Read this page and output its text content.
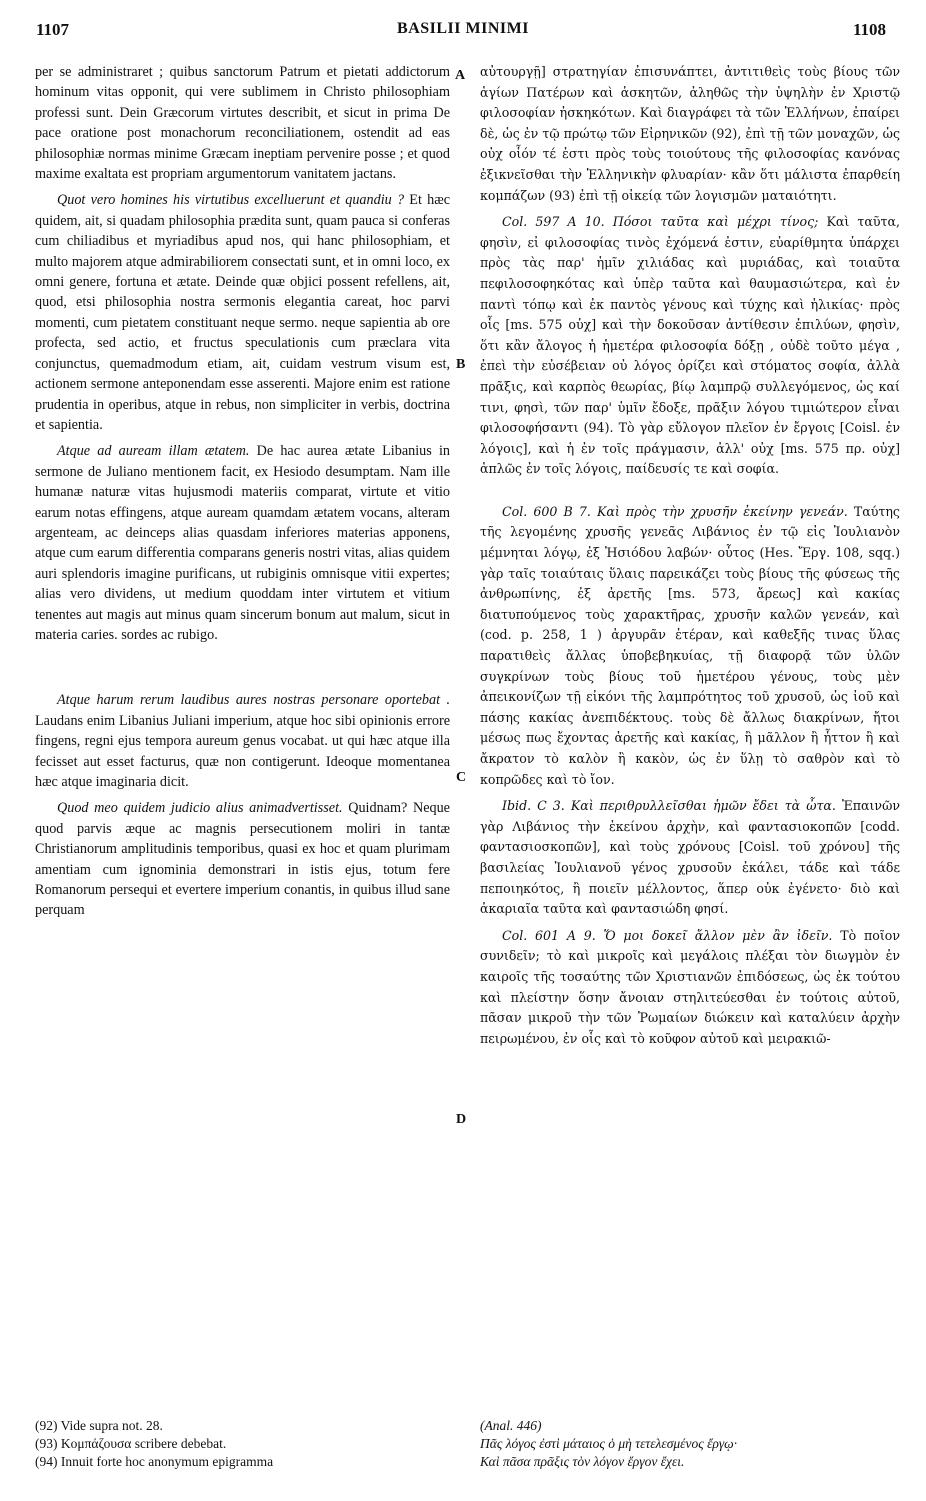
1107	BASILII MINIMI	1108
A
B
C
D

per se administraret ; quibus sanctorum Patrum et pietati addictorum hominum vitas opponit, qui vere sublimem in Christo philosophiam professi sunt. Dein Græcorum virtutes describit, et sicut in prima De pace oratione post monachorum reconciliationem, ostendit ad eas philosophiæ normas minime Græcam ineptiam pervenire posse ; et quod maxime exaltata est propriam argumentorum vanitatem jactans.

Quot vero homines his virtutibus excelluerunt et quandiu ? Et hæc quidem, ait, si quadam philosophia prædita sunt, quam pauca si conferas cum chiliadibus et myriadibus apud nos, qui hanc philosophiam, et multo majorem atque admirabiliorem consectati sunt, et in omni loco, ex omni genere, fortuna et ætate. Deinde quæ objici possent refellens, ait, quod, etsi philosophia nostra sermonis elegantia careat, hoc parvi momenti, cum pietatem constituant neque sermo. neque sapientia ab ore profecta, sed actio, et fructus speculationis cum præclara vita conjunctus, quemadmodum etiam, ait, cuidam vestrum visum est, actionem sermone anteponendam esse asserenti. Majore enim est ratione prudentia in operibus, atque in rebus, non simpliciter in verbis, doctrina et sapientia.

Atque ad auream illam ætatem. De hac aurea ætate Libanius in sermone de Juliano mentionem facit, ex Hesiodo desumptam. Nam ille humanæ naturæ vitas hujusmodi materiis comparat, virtute et vitio earum notas effingens, atque auream quamdam ætatem vocans, alteram argenteam, ac deinceps alias quasdam inferiores materias apponens, atque cum earum differentia comparans generis nostri vitas, alias quidem auri splendoris imagine purificans, ut rubiginis omnisque vitii expertes; alias vero dividens, ut medium quoddam inter virtutem et vitium tenentes aut magis aut minus quam sincerum bonum aut malum, sicut in materia caries. sordes ac rubigo.

Atque harum rerum laudibus aures nostras personare oportebat . Laudans enim Libanius Juliani imperium, atque hoc sibi opinionis errore fingens, regni ejus tempora aureum genus vocabat. ut qui hæc atque illa fecisset aut esset facturus, quæ non contigerunt. Ideoque momentanea hæc atque imaginaria dicit.

Quod meo quidem judicio alius animadvertisset. Quidnam? Neque quod parvis æque ac magnis persecutionem moliri in tantæ Christianorum amplitudinis temporibus, quasi ex hoc et quam plurimam amentiam cum ignominia demonstrari in istis ejus, totum fere Romanorum persequi et evertere imperium conantis, in quibus illud sane perquam

αὐτουργῇ] στρατηγίαν ἐπισυνάπτει, ἀντιτιθεὶς τοὺς βίους τῶν ἁγίων Πατέρων καὶ ἀσκητῶν, ἀληθῶς τὴν ὑψηλὴν ἐν Χριστῷ φιλοσοφίαν ἠσκηκότων. Καὶ διαγράφει τὰ τῶν Ἑλλήνων, ἐπαίρει δὲ, ὡς ἐν τῷ πρώτῳ τῶν Εἰρηνικῶν (92), ἐπὶ τῇ τῶν μοναχῶν, ὡς οὐχ οἷόν τέ ἐστι πρὸς τοὺς τοιούτους τῆς φιλοσοφίας κανόνας ἐξικνεῖσθαι τὴν Ἑλληνικὴν φλυαρίαν· κἂν ὅτι μάλιστα ἐπαρθείη κομπάζων (93) ἐπὶ τῇ οἰκείᾳ τῶν λογισμῶν ματαιότητι.

Col. 597 A 10. Πόσοι ταῦτα καὶ μέχρι τίνος; Καὶ ταῦτα, φησὶν, εἰ φιλοσοφίας τινὸς ἐχόμενά ἐστιν, εὐαρίθμητα ὑπάρχει πρὸς τὰς παρ' ἡμῖν χιλιάδας καὶ μυριάδας, καὶ τοιαῦτα πεφιλοσοφηκότας καὶ ὑπὲρ ταῦτα καὶ θαυμασιώτερα, καὶ ἐν παντὶ τόπῳ καὶ ἐκ παντὸς γένους καὶ τύχης καὶ ἡλικίας· πρὸς οἷς [ms. 575 οὐχ] καὶ τὴν δοκοῦσαν ἀντίθεσιν ἐπιλύων, φησὶν, ὅτι κἂν ἄλογος ἡ ἡμετέρα φιλοσοφία δόξῃ , οὐδὲ τοῦτο μέγα , ἐπεὶ τὴν εὐσέβειαν οὐ λόγος ὁρίζει καὶ στόματος σοφία, ἀλλὰ πρᾶξις, καὶ καρπὸς θεωρίας, βίῳ λαμπρῷ συλλεγόμενος, ὡς καί τινι, φησὶ, τῶν παρ' ὑμῖν ἔδοξε, πρᾶξιν λόγου τιμιώτερον εἶναι φιλοσοφήσαντι (94). Τὸ γὰρ εὔλογον πλεῖον ἐν ἔργοις [Coisl. ἐν λόγοις], καὶ ἡ ἐν τοῖς πράγμασιν, ἀλλ' οὐχ [ms. 575 πρ. οὐχ] ἁπλῶς ἐν τοῖς λόγοις, παίδευσίς τε καὶ σοφία.

Col. 600 B 7. Καὶ πρὸς τὴν χρυσῆν ἐκείνην γενεάν. Ταύτης τῆς λεγομένης χρυσῆς γενεᾶς Λιβάνιος ἐν τῷ εἰς Ἰουλιανὸν μέμνηται λόγῳ, ἐξ Ἡσιόδου λαβών· οὗτος (Hes. Ἔργ. 108, sqq.) γὰρ ταῖς τοιαύταις ὕλαις παρεικάζει τοὺς βίους τῆς φύσεως τῆς ἀνθρωπίνης, ἐξ ἀρετῆς [ms. 573, ἄρεως] καὶ κακίας διατυπούμενος τοὺς χαρακτῆρας, χρυσῆν καλῶν γενεάν, καὶ (cod. p. 258, 1 ) ἀργυρᾶν ἑτέραν, καὶ καθεξῆς τινας ὕλας παρατιθεὶς ἄλλας ὑποβεβηκυίας, τῇ διαφορᾷ τῶν ὑλῶν συγκρίνων τοὺς βίους τοῦ ἡμετέρου γένους, τοὺς μὲν ἀπεικονίζων τῇ εἰκόνι τῆς λαμπρότητος τοῦ χρυσοῦ, ὡς ἰοῦ καὶ πάσης κακίας ἀνεπιδέκτους. τοὺς δὲ ἄλλως διακρίνων, ἤτοι μέσως πως ἔχοντας ἀρετῆς καὶ κακίας, ἢ μᾶλλον ἢ ἧττον ἢ καὶ ἄκρατον τὸ καλὸν ἢ κακὸν, ὡς ἐν ὕλῃ τὸ σαθρὸν καὶ τὸ κοπρῶδες καὶ τὸ ἴον.

Ibid. C 3. Καὶ περιθρυλλεῖσθαι ἡμῶν ἔδει τὰ ὦτα. Ἐπαινῶν γὰρ Λιβάνιος τὴν ἐκείνου ἀρχὴν, καὶ φαντασιοκοπῶν [codd. φαντασιοσκοπῶν], καὶ τοὺς χρόνους [Coisl. τοῦ χρόνου] τῆς βασιλείας Ἰουλιανοῦ γένος χρυσοῦν ἐκάλει, τάδε καὶ τάδε πεποιηκότος, ἢ ποιεῖν μέλλοντος, ἅπερ οὐκ ἐγένετο· διὸ καὶ ἀκαριαῖα ταῦτα καὶ φαντασιώδη φησί.

Col. 601 A 9. Ὅ μοι δοκεῖ ἄλλον μὲν ἂν ἰδεῖν. Τὸ ποῖον συνιδεῖν; τὸ καὶ μικροῖς καὶ μεγάλοις πλέξαι τὸν διωγμὸν ἐν καιροῖς τῆς τοσαύτης τῶν Χριστιανῶν ἐπιδόσεως, ὡς ἐκ τούτου καὶ πλείστην ὅσην ἄνοιαν στηλιτεύεσθαι ἐν τούτοις αὐτοῦ, πᾶσαν μικροῦ τὴν τῶν Ῥωμαίων διώκειν καὶ καταλύειν ἀρχὴν πειρωμένου, ἐν οἷς καὶ τὸ κοῦφον αὐτοῦ καὶ μειρακιῶ-

(92) Vide supra not. 28.
(93) Κομπάζουσα scribere debebat.
(94) Innuit forte hoc anonymum epigramma
(Anal. 446)
Πᾶς λόγος ἐστὶ μάταιος ὁ μὴ τετελεσμένος ἔργῳ·
Καὶ πᾶσα πρᾶξις τὸν λόγον ἔργον ἔχει.
